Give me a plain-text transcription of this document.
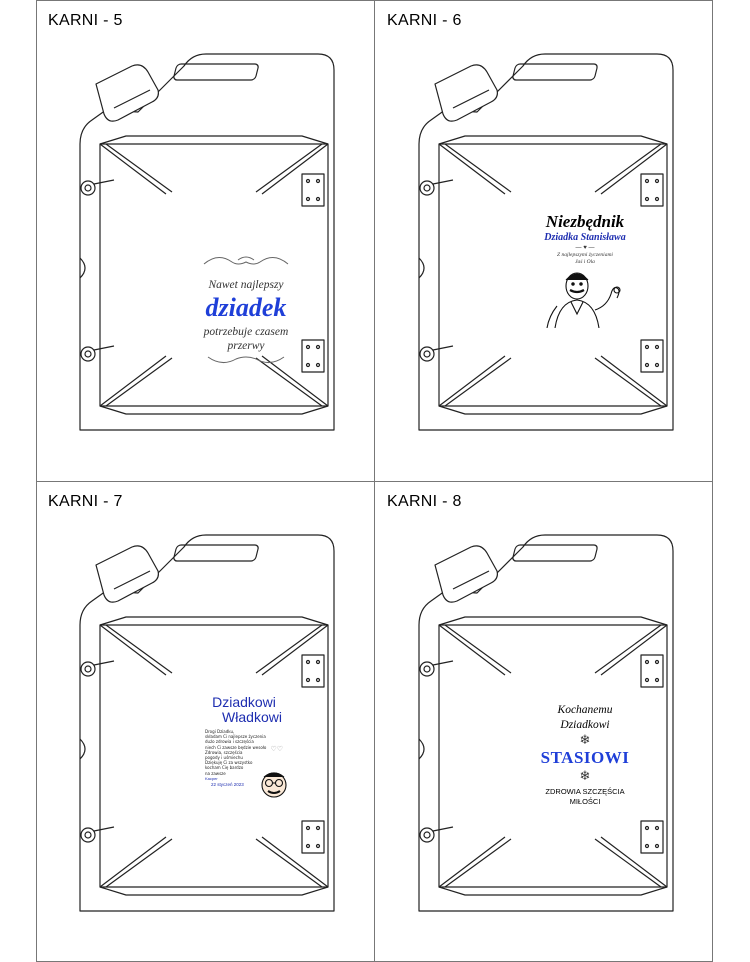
KARNI - 5
Nawet najlepszy
dziadek
potrzebuje czasem
przerwy
KARNI - 6
Niezbędnik
Dziadka Stanisława
— ♥ —
Z najlepszymi życzeniami
Jaś i Ola
KARNI - 7
Dziadkowi
Władkowi
Drogi Dziadku,
składam Ci najlepsze życzenia
dużo zdrowia i szczęścia
niech Ci zawsze będzie wesoło
Zdrowia, szczęścia
pogody i uśmiechu
Dziękuję Ci za wszystko
kocham Cię bardzo
na zawsze
Kacper
22 styczeń 2023
♡♡
KARNI - 8
Kochanemu
Dziadkowi
❄
STASIOWI
❄
ZDROWIA SZCZĘŚCIA
MIŁOŚCI
